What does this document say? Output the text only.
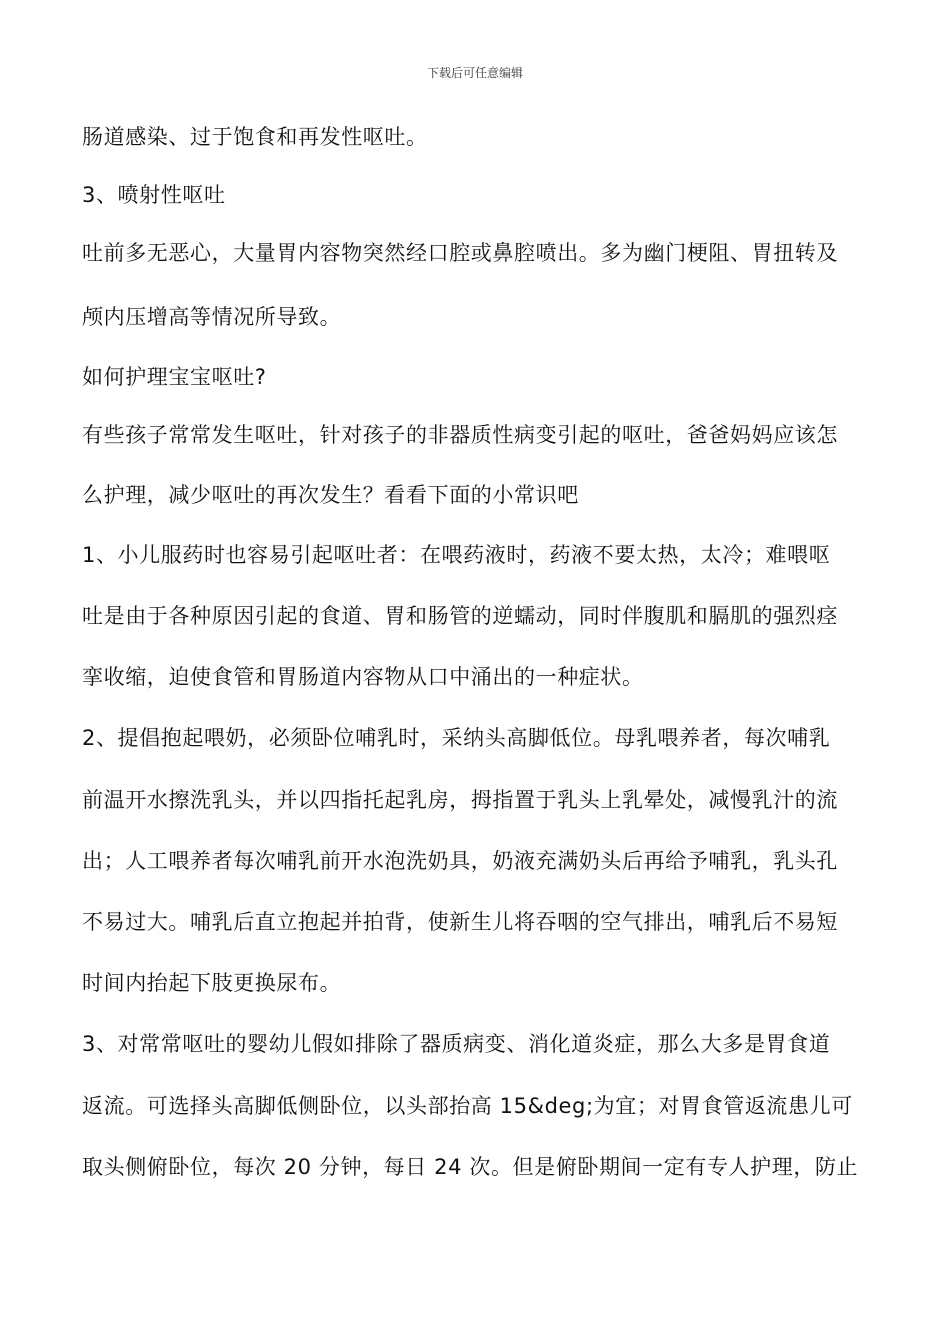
下载后可任意编辑
肠道感染、过于饱食和再发性呕吐。
3、喷射性呕吐
吐前多无恶心，大量胃内容物突然经口腔或鼻腔喷出。多为幽门梗阻、胃扭转及
颅内压增高等情况所导致。
如何护理宝宝呕吐?
有些孩子常常发生呕吐，针对孩子的非器质性病变引起的呕吐，爸爸妈妈应该怎
么护理，减少呕吐的再次发生？看看下面的小常识吧
1、小儿服药时也容易引起呕吐者：在喂药液时，药液不要太热，太冷；难喂呕
吐是由于各种原因引起的食道、胃和肠管的逆蠕动，同时伴腹肌和膈肌的强烈痉
挛收缩，迫使食管和胃肠道内容物从口中涌出的一种症状。
2、提倡抱起喂奶，必须卧位哺乳时，采纳头高脚低位。母乳喂养者，每次哺乳
前温开水擦洗乳头，并以四指托起乳房，拇指置于乳头上乳晕处，减慢乳汁的流
出；人工喂养者每次哺乳前开水泡洗奶具，奶液充满奶头后再给予哺乳，乳头孔
不易过大。哺乳后直立抱起并拍背，使新生儿将吞咽的空气排出，哺乳后不易短
时间内抬起下肢更换尿布。
3、对常常呕吐的婴幼儿假如排除了器质病变、消化道炎症，那么大多是胃食道
返流。可选择头高脚低侧卧位，以头部抬高 15&deg;为宜；对胃食管返流患儿可
取头侧俯卧位，每次 20 分钟，每日 24 次。但是俯卧期间一定有专人护理，防止
